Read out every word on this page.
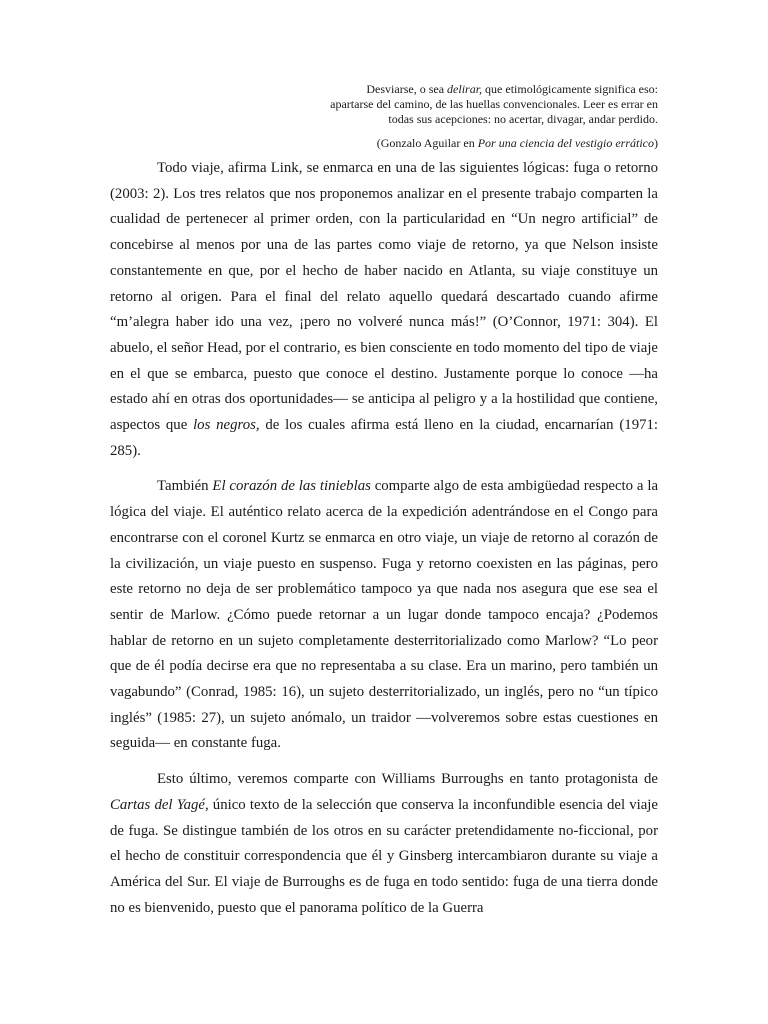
Desviarse, o sea delirar, que etimológicamente significa eso:
apartarse del camino, de las huellas convencionales. Leer es errar en
todas sus acepciones: no acertar, divagar, andar perdido.

(Gonzalo Aguilar en Por una ciencia del vestigio errático)

Todo viaje, afirma Link, se enmarca en una de las siguientes lógicas: fuga o retorno (2003: 2). Los tres relatos que nos proponemos analizar en el presente trabajo comparten la cualidad de pertenecer al primer orden, con la particularidad en “Un negro artificial” de concebirse al menos por una de las partes como viaje de retorno, ya que Nelson insiste constantemente en que, por el hecho de haber nacido en Atlanta, su viaje constituye un retorno al origen. Para el final del relato aquello quedará descartado cuando afirme “m’alegra haber ido una vez, ¡pero no volveré nunca más!” (O’Connor, 1971: 304). El abuelo, el señor Head, por el contrario, es bien consciente en todo momento del tipo de viaje en el que se embarca, puesto que conoce el destino. Justamente porque lo conoce —ha estado ahí en otras dos oportunidades— se anticipa al peligro y a la hostilidad que contiene, aspectos que los negros, de los cuales afirma está lleno en la ciudad, encarnarían (1971: 285).

También El corazón de las tinieblas comparte algo de esta ambigüedad respecto a la lógica del viaje. El auténtico relato acerca de la expedición adentrándose en el Congo para encontrarse con el coronel Kurtz se enmarca en otro viaje, un viaje de retorno al corazón de la civilización, un viaje puesto en suspenso. Fuga y retorno coexisten en las páginas, pero este retorno no deja de ser problemático tampoco ya que nada nos asegura que ese sea el sentir de Marlow. ¿Cómo puede retornar a un lugar donde tampoco encaja? ¿Podemos hablar de retorno en un sujeto completamente desterritorializado como Marlow? “Lo peor que de él podía decirse era que no representaba a su clase. Era un marino, pero también un vagabundo” (Conrad, 1985: 16), un sujeto desterritorializado, un inglés, pero no “un típico inglés” (1985: 27), un sujeto anómalo, un traidor —volveremos sobre estas cuestiones en seguida— en constante fuga.

Esto último, veremos comparte con Williams Burroughs en tanto protagonista de Cartas del Yagé, único texto de la selección que conserva la inconfundible esencia del viaje de fuga. Se distingue también de los otros en su carácter pretendidamente no-ficcional, por el hecho de constituir correspondencia que él y Ginsberg intercambiaron durante su viaje a América del Sur. El viaje de Burroughs es de fuga en todo sentido: fuga de una tierra donde no es bienvenido, puesto que el panorama político de la Guerra
